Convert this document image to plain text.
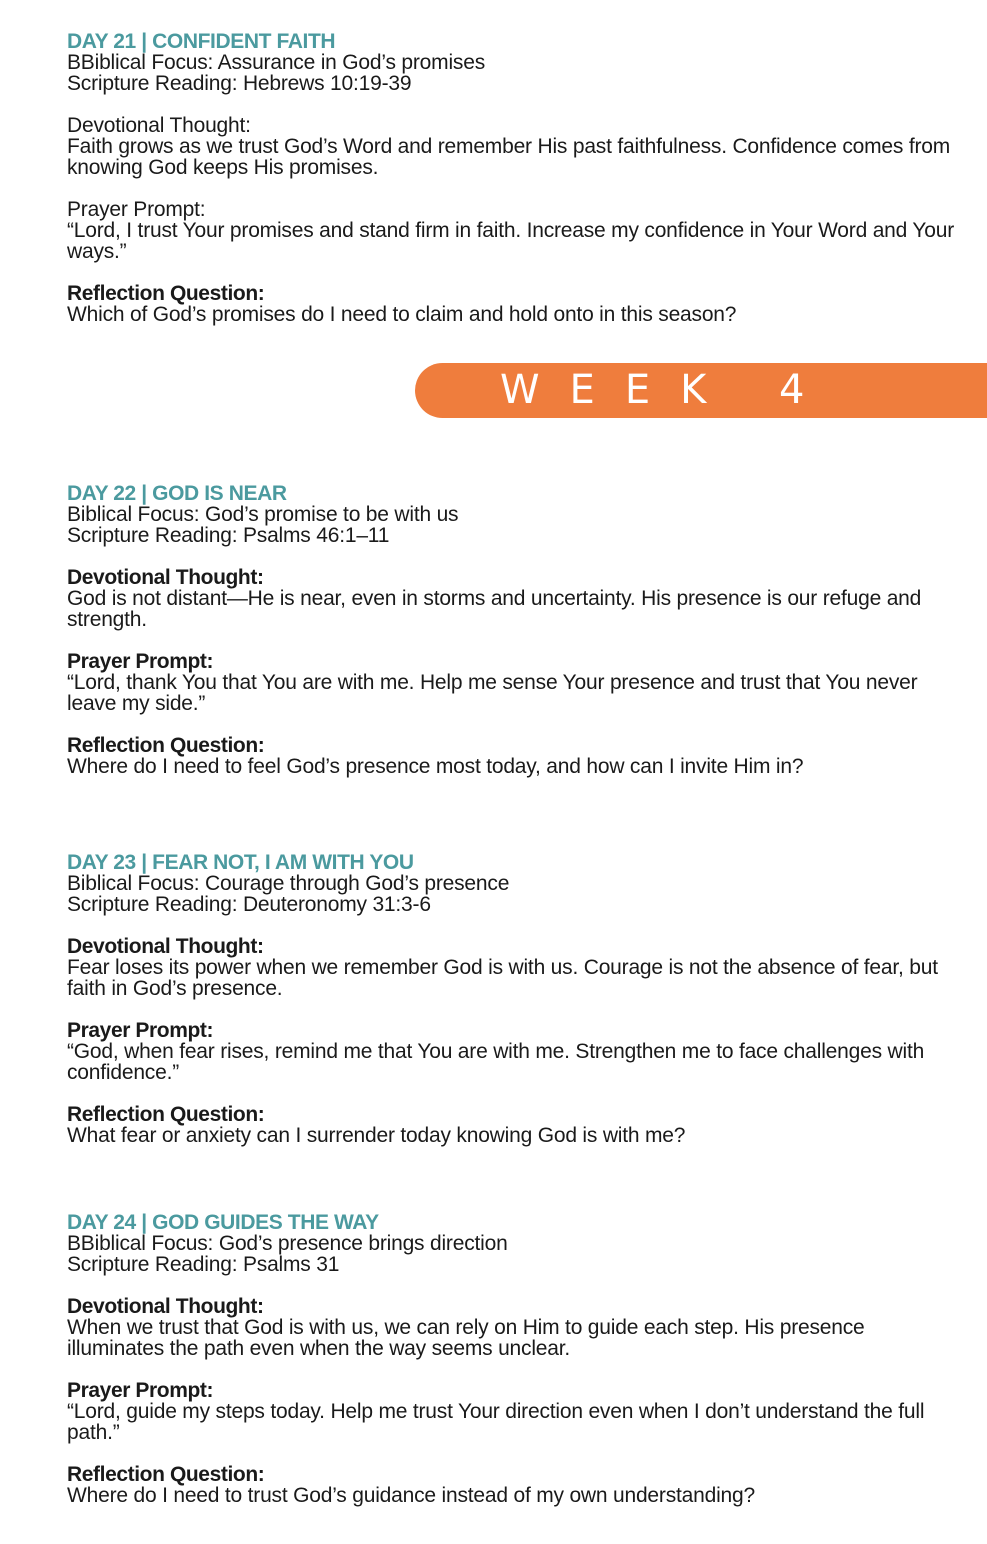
DAY 21 | CONFIDENT FAITH

BBiblical Focus: Assurance in God’s promises

Scripture Reading: Hebrews 10:19-39

Devotional Thought:

Faith grows as we trust God’s Word and remember His past faithfulness. Confidence comes from knowing God keeps His promises.

Prayer Prompt:

“Lord, I trust Your promises and stand firm in faith. Increase my confidence in Your Word and Your ways.”

Reflection Question:

Which of God’s promises do I need to claim and hold onto in this season?

WEEK 4

DAY 22 | GOD IS NEAR

Biblical Focus: God’s promise to be with us

Scripture Reading: Psalms 46:1–11

Devotional Thought:

God is not distant—He is near, even in storms and uncertainty. His presence is our refuge and strength.

Prayer Prompt:

“Lord, thank You that You are with me. Help me sense Your presence and trust that You never leave my side.”

Reflection Question:

Where do I need to feel God’s presence most today, and how can I invite Him in?

DAY 23 | FEAR NOT, I AM WITH YOU

Biblical Focus: Courage through God’s presence

Scripture Reading: Deuteronomy 31:3-6

Devotional Thought:

Fear loses its power when we remember God is with us. Courage is not the absence of fear, but faith in God’s presence.

Prayer Prompt:

“God, when fear rises, remind me that You are with me. Strengthen me to face challenges with confidence.”

Reflection Question:

What fear or anxiety can I surrender today knowing God is with me?

DAY 24 | GOD GUIDES THE WAY

BBiblical Focus: God’s presence brings direction

Scripture Reading: Psalms 31

Devotional Thought:

When we trust that God is with us, we can rely on Him to guide each step. His presence illuminates the path even when the way seems unclear.

Prayer Prompt:

“Lord, guide my steps today. Help me trust Your direction even when I don’t understand the full path.”

Reflection Question:

Where do I need to trust God’s guidance instead of my own understanding?
